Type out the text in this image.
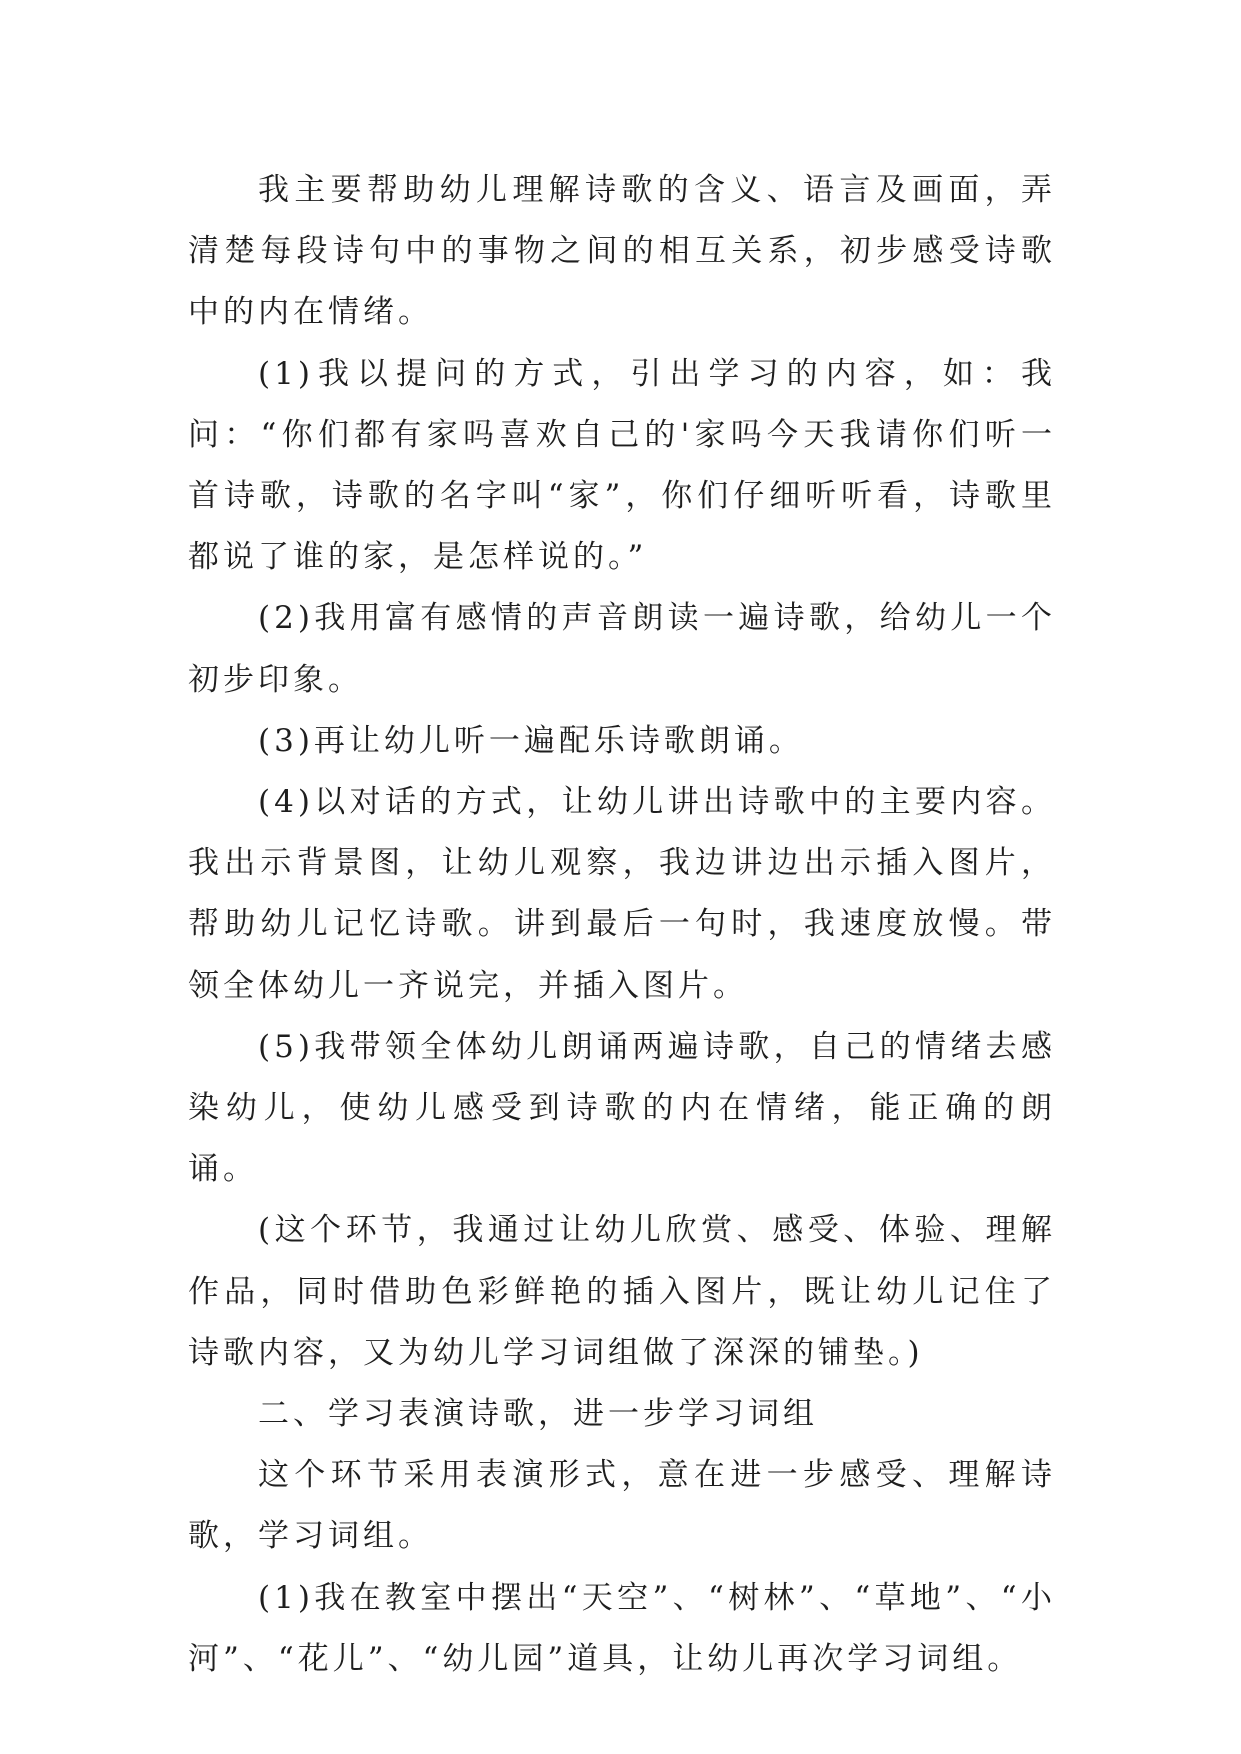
我主要帮助幼儿理解诗歌的含义、语言及画面，弄清楚每段诗句中的事物之间的相互关系，初步感受诗歌中的内在情绪。

(1)我以提问的方式，引出学习的内容，如：我问：“你们都有家吗喜欢自己的'家吗今天我请你们听一首诗歌，诗歌的名字叫“家”，你们仔细听听看，诗歌里都说了谁的家，是怎样说的。”

(2)我用富有感情的声音朗读一遍诗歌，给幼儿一个初步印象。

(3)再让幼儿听一遍配乐诗歌朗诵。

(4)以对话的方式，让幼儿讲出诗歌中的主要内容。我出示背景图，让幼儿观察，我边讲边出示插入图片，帮助幼儿记忆诗歌。讲到最后一句时，我速度放慢。带领全体幼儿一齐说完，并插入图片。

(5)我带领全体幼儿朗诵两遍诗歌，自己的情绪去感染幼儿，使幼儿感受到诗歌的内在情绪，能正确的朗诵。

(这个环节，我通过让幼儿欣赏、感受、体验、理解作品，同时借助色彩鲜艳的插入图片，既让幼儿记住了诗歌内容，又为幼儿学习词组做了深深的铺垫。)

二、学习表演诗歌，进一步学习词组

这个环节采用表演形式，意在进一步感受、理解诗歌，学习词组。

(1)我在教室中摆出“天空”、“树林”、“草地”、“小河”、“花儿”、“幼儿园”道具，让幼儿再次学习词组。
